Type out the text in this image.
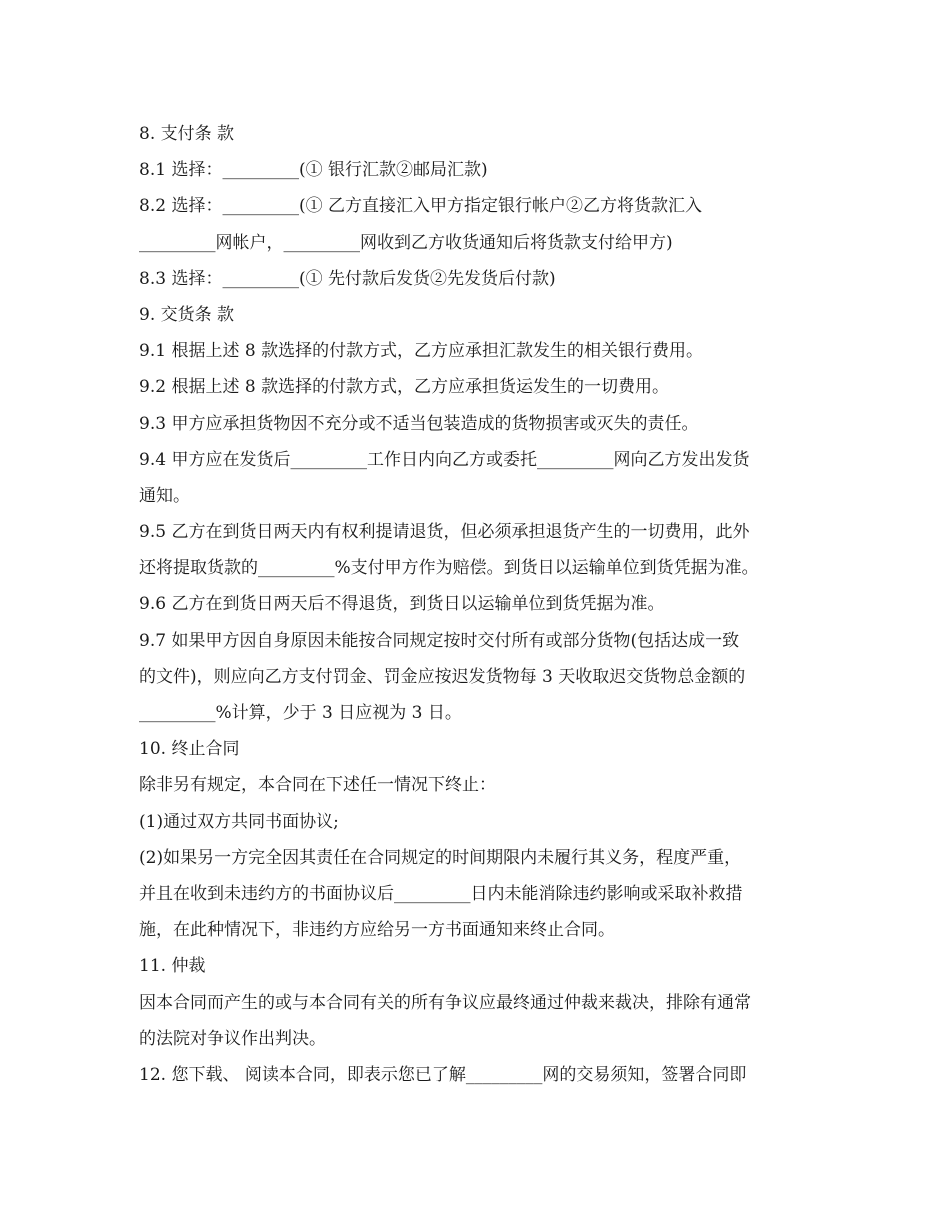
8. 支付条 款
8.1 选择：_________(① 银行汇款②邮局汇款)
8.2 选择：_________(① 乙方直接汇入甲方指定银行帐户②乙方将货款汇入
_________网帐户，_________网收到乙方收货通知后将货款支付给甲方)
8.3 选择：_________(① 先付款后发货②先发货后付款)
9. 交货条 款
9.1 根据上述 8 款选择的付款方式，乙方应承担汇款发生的相关银行费用。
9.2 根据上述 8 款选择的付款方式，乙方应承担货运发生的一切费用。
9.3 甲方应承担货物因不充分或不适当包装造成的货物损害或灭失的责任。
9.4 甲方应在发货后_________工作日内向乙方或委托_________网向乙方发出发货
通知。
9.5 乙方在到货日两天内有权利提请退货，但必须承担退货产生的一切费用，此外
还将提取货款的_________%支付甲方作为赔偿。到货日以运输单位到货凭据为准。
9.6 乙方在到货日两天后不得退货，到货日以运输单位到货凭据为准。
9.7 如果甲方因自身原因未能按合同规定按时交付所有或部分货物(包括达成一致
的文件)，则应向乙方支付罚金、罚金应按迟发货物每 3 天收取迟交货物总金额的
_________%计算，少于 3 日应视为 3 日。
10. 终止合同
除非另有规定，本合同在下述任一情况下终止：
(1)通过双方共同书面协议;
(2)如果另一方完全因其责任在合同规定的时间期限内未履行其义务，程度严重，
并且在收到未违约方的书面协议后_________日内未能消除违约影响或采取补救措
施，在此种情况下，非违约方应给另一方书面通知来终止合同。
11. 仲裁
因本合同而产生的或与本合同有关的所有争议应最终通过仲裁来裁决，排除有通常
的法院对争议作出判决。
12. 您下载、 阅读本合同，即表示您已了解_________网的交易须知，签署合同即
